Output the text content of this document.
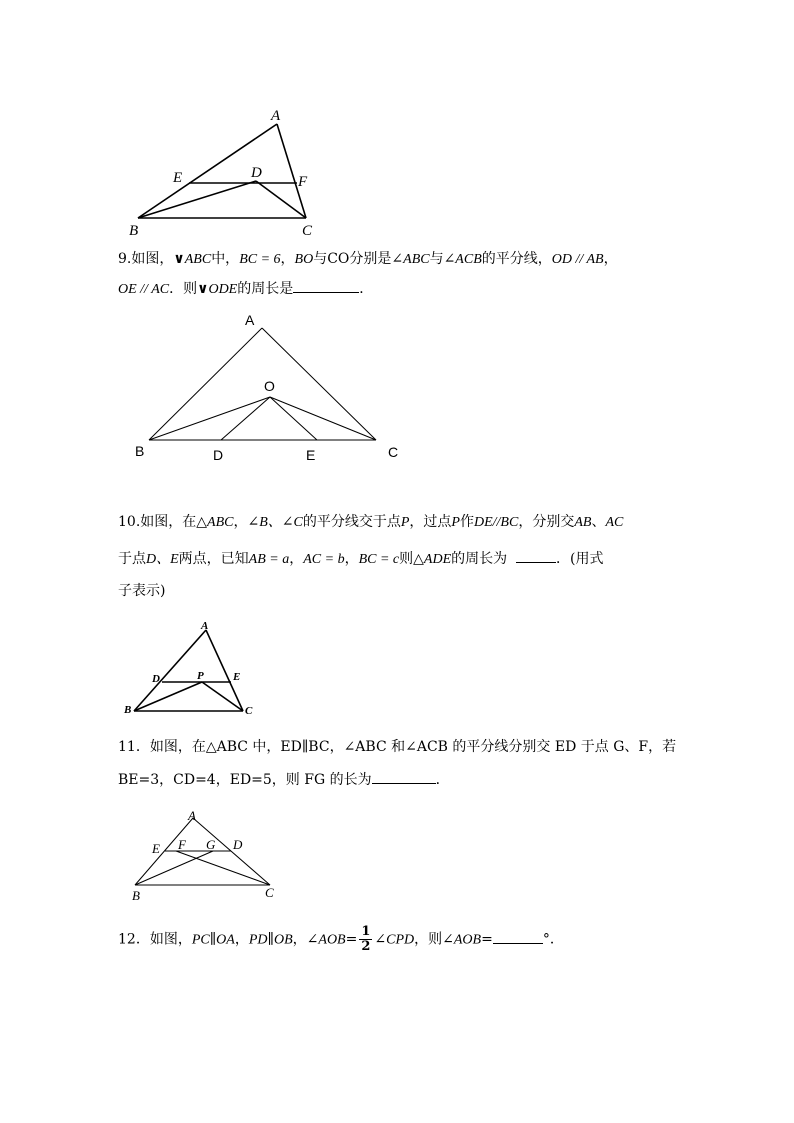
A
B	C
D
E	F
9.如图，∨ABC中，BC = 6，BO与CO分别是∠ABC与∠ACB的平分线，OD // AB，
OE // AC．则∨ODE的周长是	．
A
B	C
D	E
O
10.如图，在△ABC，∠B、∠C的平分线交于点P，过点P作DE//BC，分别交AB、AC
于点D、E两点，已知AB = a，AC = b，BC = c则△ADE的周长为	．(用式
子表示)
A
B	C
D	E
P
11．如图，在△ABC 中，ED∥BC，∠ABC 和∠ACB 的平分线分别交 ED 于点 G、F，若
BE=3，CD=4，ED=5，则 FG 的长为	．
A
B	C
D
E F G
12．如图，PC∥OA，PD∥OB，∠AOB= $\frac{1}{2}$ ∠CPD，则∠AOB=	°．
